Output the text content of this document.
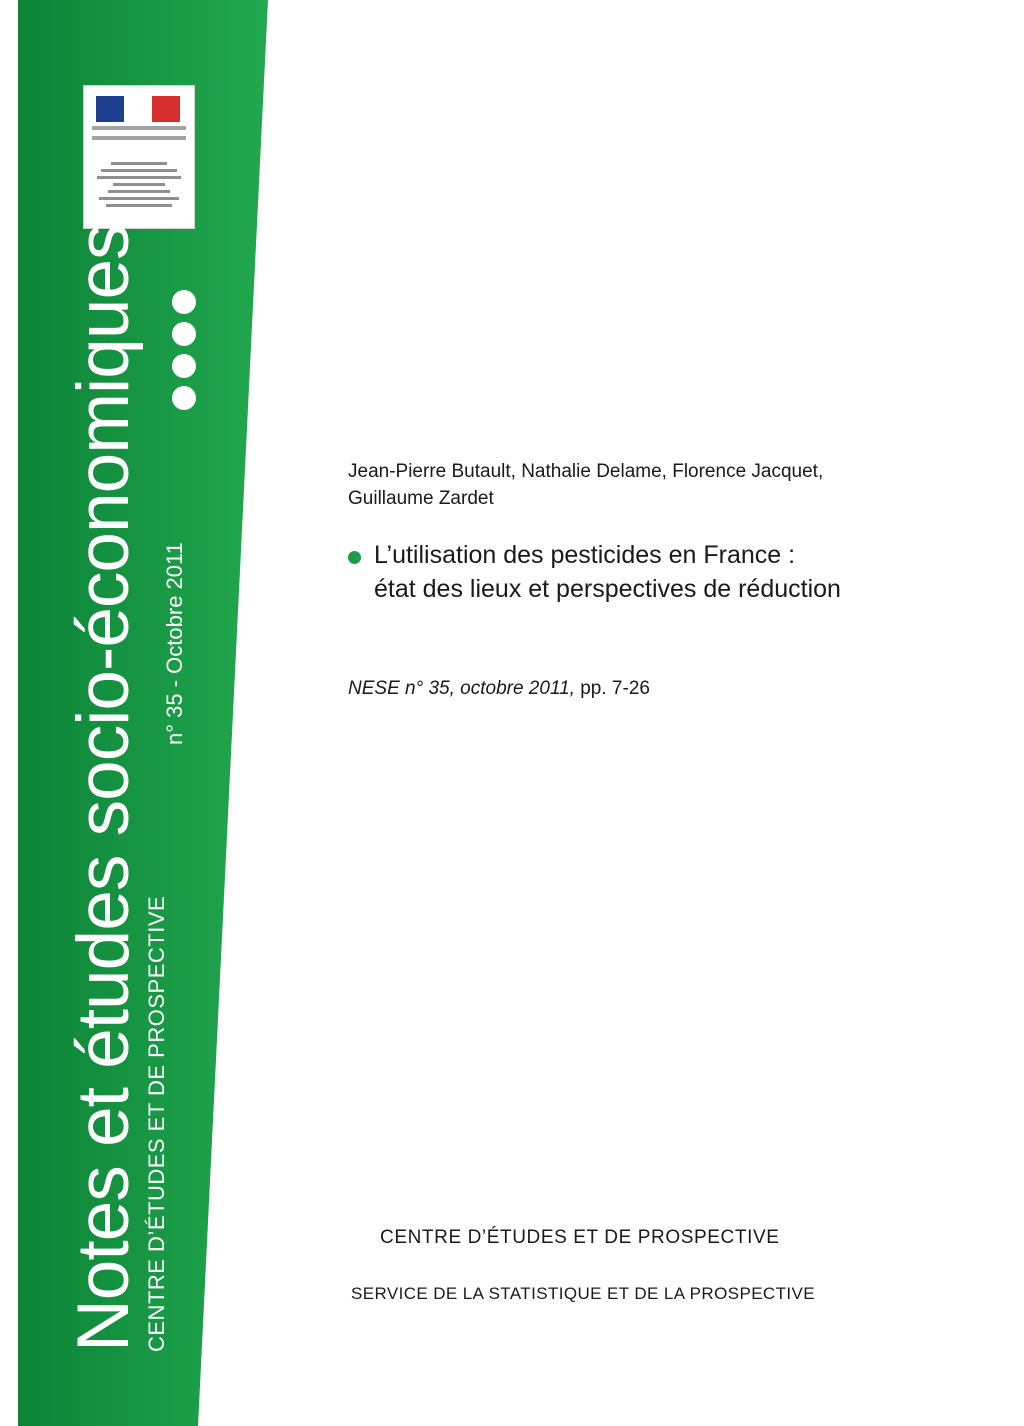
Notes et études socio-économiques n° 35 - Octobre 2011
CENTRE D’ÉTUDES ET DE PROSPECTIVE
Jean-Pierre Butault, Nathalie Delame, Florence Jacquet,
Guillaume Zardet
L’utilisation des pesticides en France :
état des lieux et perspectives de réduction
NESE n° 35, octobre 2011, pp. 7-26
CENTRE D’ÉTUDES ET DE PROSPECTIVE
SERVICE DE LA STATISTIQUE ET DE LA PROSPECTIVE
